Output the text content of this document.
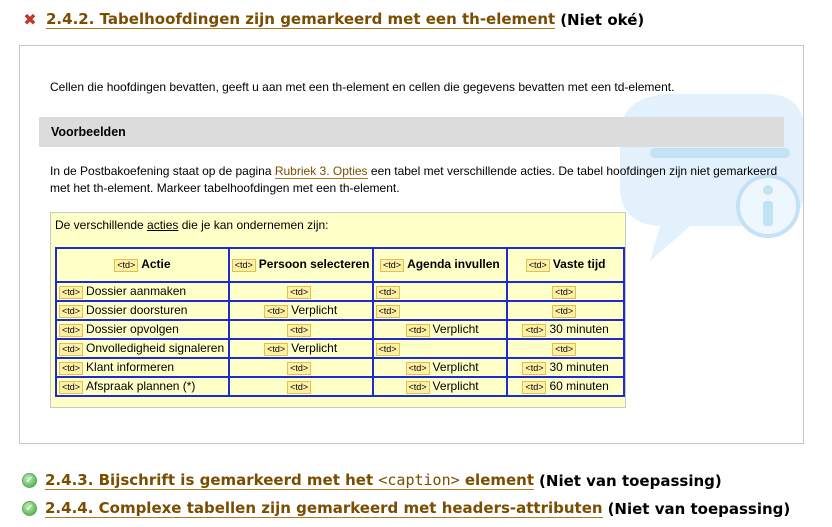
✖ 2.4.2. Tabelhoofdingen zijn gemarkeerd met een th-element (Niet oké)
Cellen die hoofdingen bevatten, geeft u aan met een th-element en cellen die gegevens bevatten met een td-element.
Voorbeelden
In de Postbakoefening staat op de pagina Rubriek 3. Opties een tabel met verschillende acties. De tabel hoofdingen zijn niet gemarkeerd met het th-element. Markeer tabelhoofdingen met een th-element.
De verschillende acties die je kan ondernemen zijn:
<td> Actie	<td> Persoon selecteren	<td> Agenda invullen	<td> Vaste tijd
<td> Dossier aanmaken	<td>	<td>	<td>
<td> Dossier doorsturen	<td> Verplicht	<td>	<td>
<td> Dossier opvolgen	<td>	<td> Verplicht	<td> 30 minuten
<td> Onvolledigheid signaleren	<td> Verplicht	<td>	<td>
<td> Klant informeren	<td>	<td> Verplicht	<td> 30 minuten
<td> Afspraak plannen (*)	<td>	<td> Verplicht	<td> 60 minuten
✓ 2.4.3. Bijschrift is gemarkeerd met het <caption> element (Niet van toepassing)
✓ 2.4.4. Complexe tabellen zijn gemarkeerd met headers-attributen (Niet van toepassing)
